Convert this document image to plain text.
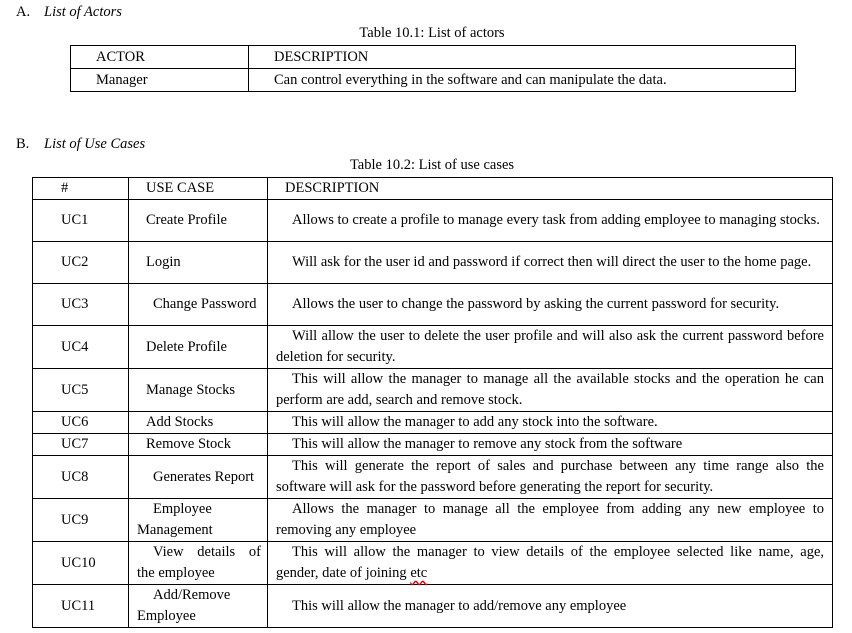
A. List of Actors
Table 10.1: List of actors
ACTOR	DESCRIPTION
Manager	Can control everything in the software and can manipulate the data.
B. List of Use Cases
Table 10.2: List of use cases
#	USE CASE	DESCRIPTION
UC1	Create Profile	Allows to create a profile to manage every task from adding employee to managing stocks.
UC2	Login	Will ask for the user id and password if correct then will direct the user to the home page.
UC3	Change Password	Allows the user to change the password by asking the current password for security.
UC4	Delete Profile	Will allow the user to delete the user profile and will also ask the current password before deletion for security.
UC5	Manage Stocks	This will allow the manager to manage all the available stocks and the operation he can perform are add, search and remove stock.
UC6	Add Stocks	This will allow the manager to add any stock into the software.
UC7	Remove Stock	This will allow the manager to remove any stock from the software
UC8	Generates Report	This will generate the report of sales and purchase between any time range also the software will ask for the password before generating the report for security.
UC9	Employee Management	Allows the manager to manage all the employee from adding any new employee to removing any employee
UC10	View details of the employee	This will allow the manager to view details of the employee selected like name, age, gender, date of joining etc
UC11	Add/Remove Employee	This will allow the manager to add/remove any employee
